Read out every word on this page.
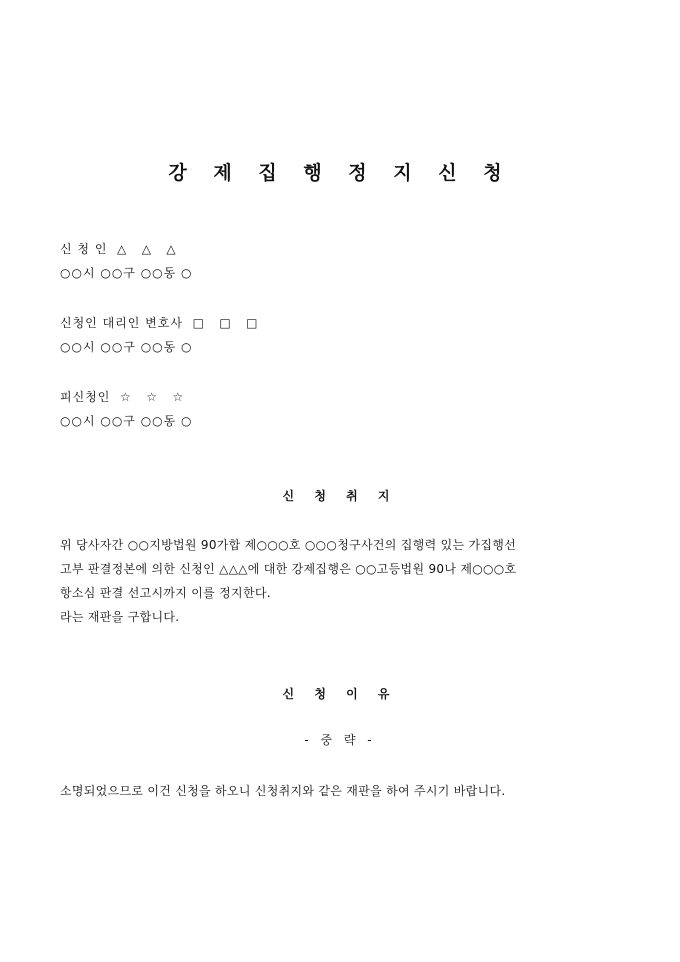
강 제 집 행 정 지 신 청
신 청 인  △   △   △
○○시 ○○구 ○○동 ○
신청인 대리인 변호사  □   □   □
○○시 ○○구 ○○동 ○
피신청인  ☆   ☆   ☆
○○시 ○○구 ○○동 ○
신 청 취 지
위 당사자간 ○○지방법원 90가합 제○○○호 ○○○청구사건의 집행력 있는 가집행선
고부 판결정본에 의한 신청인 △△△에 대한 강제집행은 ○○고등법원 90나 제○○○호
항소심 판결 선고시까지 이를 정지한다.
라는 재판을 구합니다.
신 청 이 유
- 중 략 -
소명되었으므로 이건 신청을 하오니 신청취지와 같은 재판을 하여 주시기 바랍니다.
